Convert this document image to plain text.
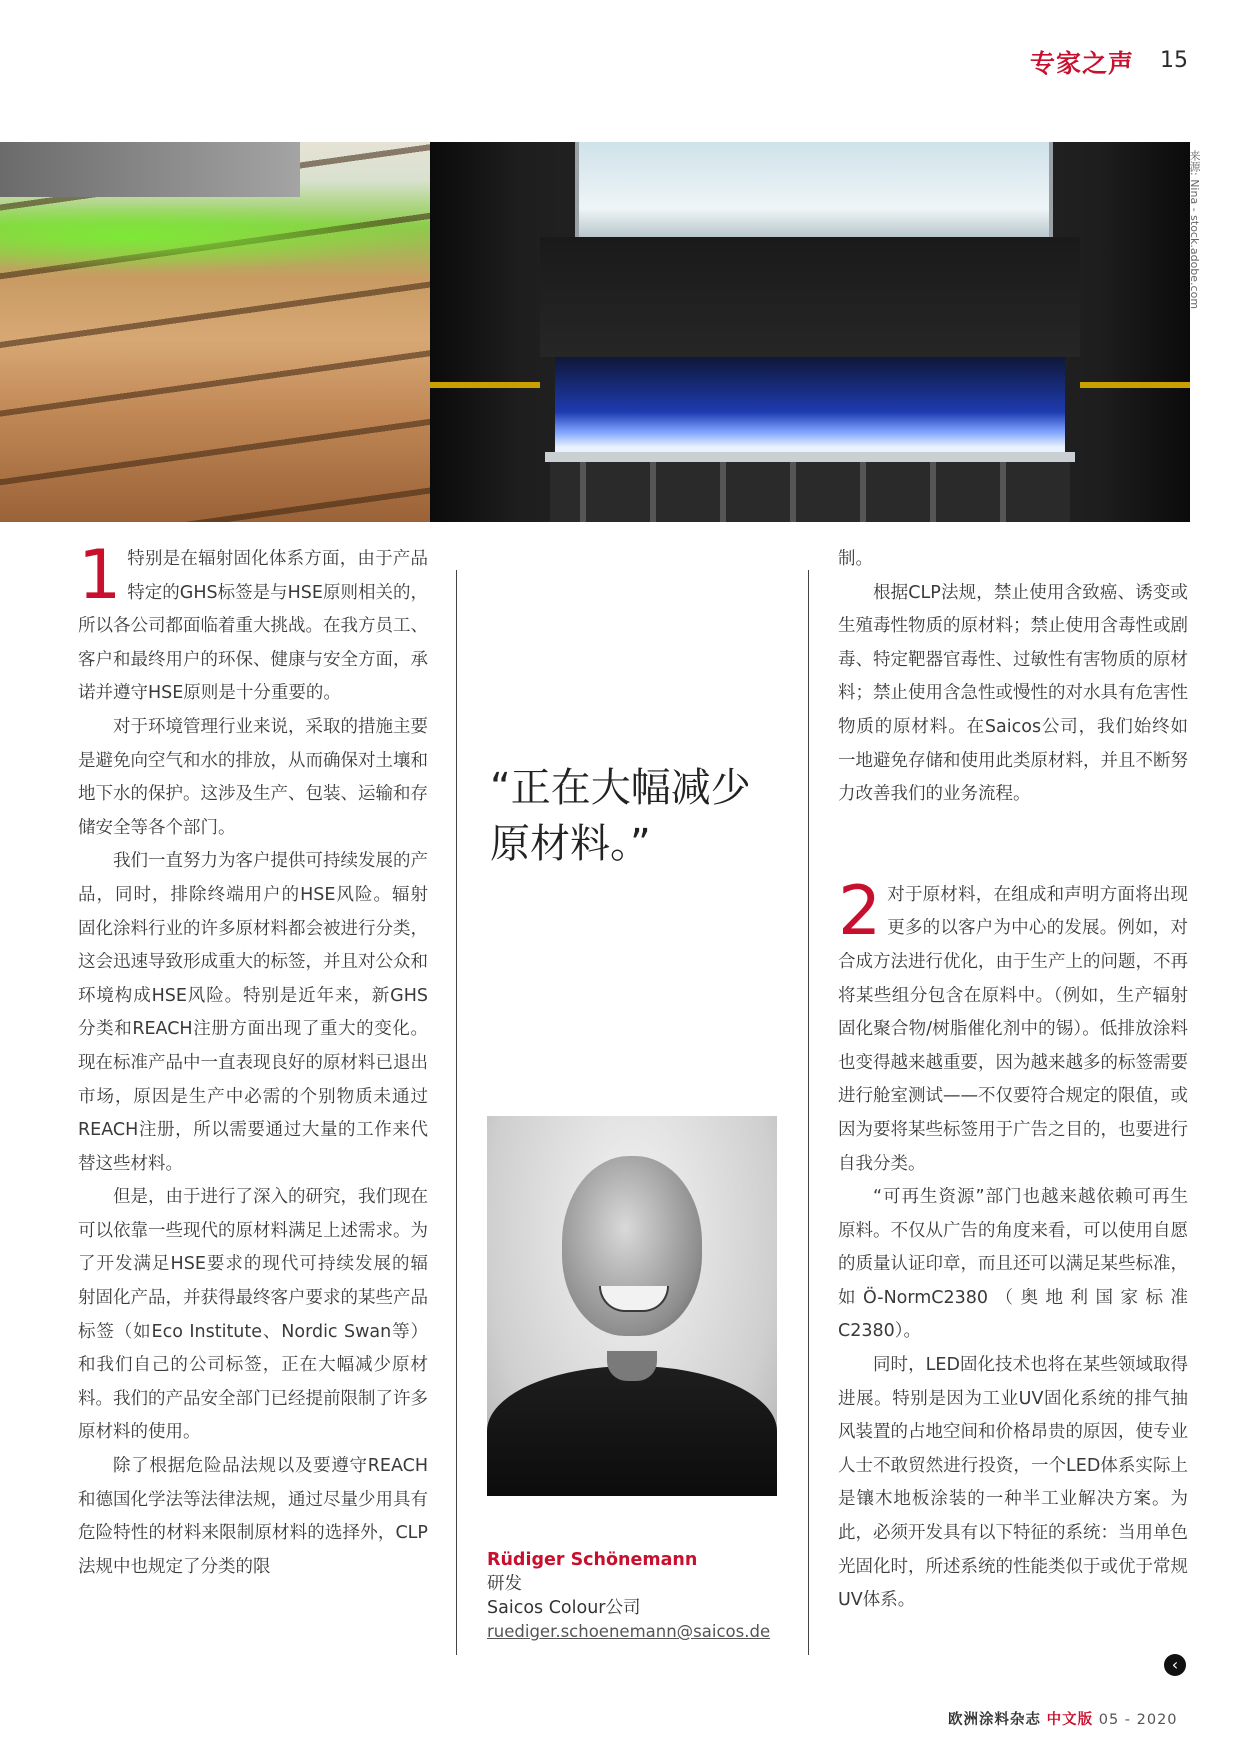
专家之声 15
来源: Nina - stock.adobe.com

1 特别是在辐射固化体系方面，由于产品特定的GHS标签是与HSE原则相关的，所以各公司都面临着重大挑战。在我方员工、客户和最终用户的环保、健康与安全方面，承诺并遵守HSE原则是十分重要的。

对于环境管理行业来说，采取的措施主要是避免向空气和水的排放，从而确保对土壤和地下水的保护。这涉及生产、包装、运输和存储安全等各个部门。

我们一直努力为客户提供可持续发展的产品，同时，排除终端用户的HSE风险。辐射固化涂料行业的许多原材料都会被进行分类，这会迅速导致形成重大的标签，并且对公众和环境构成HSE风险。特别是近年来，新GHS分类和REACH注册方面出现了重大的变化。现在标准产品中一直表现良好的原材料已退出市场，原因是生产中必需的个别物质未通过REACH注册，所以需要通过大量的工作来代替这些材料。

但是，由于进行了深入的研究，我们现在可以依靠一些现代的原材料满足上述需求。为了开发满足HSE要求的现代可持续发展的辐射固化产品，并获得最终客户要求的某些产品标签（如Eco Institute、Nordic Swan等）和我们自己的公司标签，正在大幅减少原材料。我们的产品安全部门已经提前限制了许多原材料的使用。

除了根据危险品法规以及要遵守REACH和德国化学法等法律法规，通过尽量少用具有危险特性的材料来限制原材料的选择外，CLP法规中也规定了分类的限

“正在大幅减少原材料。”
Rüdiger Schönemann
研发
Saicos Colour公司
ruediger.schoenemann@saicos.de

制。

根据CLP法规，禁止使用含致癌、诱变或生殖毒性物质的原材料；禁止使用含毒性或剧毒、特定靶器官毒性、过敏性有害物质的原材料；禁止使用含急性或慢性的对水具有危害性物质的原材料。在Saicos公司，我们始终如一地避免存储和使用此类原材料，并且不断努力改善我们的业务流程。

2 对于原材料，在组成和声明方面将出现更多的以客户为中心的发展。例如，对合成方法进行优化，由于生产上的问题，不再将某些组分包含在原料中。（例如，生产辐射固化聚合物/树脂催化剂中的锡）。低排放涂料也变得越来越重要，因为越来越多的标签需要进行舱室测试——不仅要符合规定的限值，或因为要将某些标签用于广告之目的，也要进行自我分类。

“可再生资源”部门也越来越依赖可再生原料。不仅从广告的角度来看，可以使用自愿的质量认证印章，而且还可以满足某些标准，如Ö-NormC2380（奥地利国家标准C2380）。

同时，LED固化技术也将在某些领域取得进展。特别是因为工业UV固化系统的排气抽风装置的占地空间和价格昂贵的原因，使专业人士不敢贸然进行投资，一个LED体系实际上是镶木地板涂装的一种半工业解决方案。为此，必须开发具有以下特征的系统：当用单色光固化时，所述系统的性能类似于或优于常规UV体系。

‹
欧洲涂料杂志 中文版 05 - 2020
